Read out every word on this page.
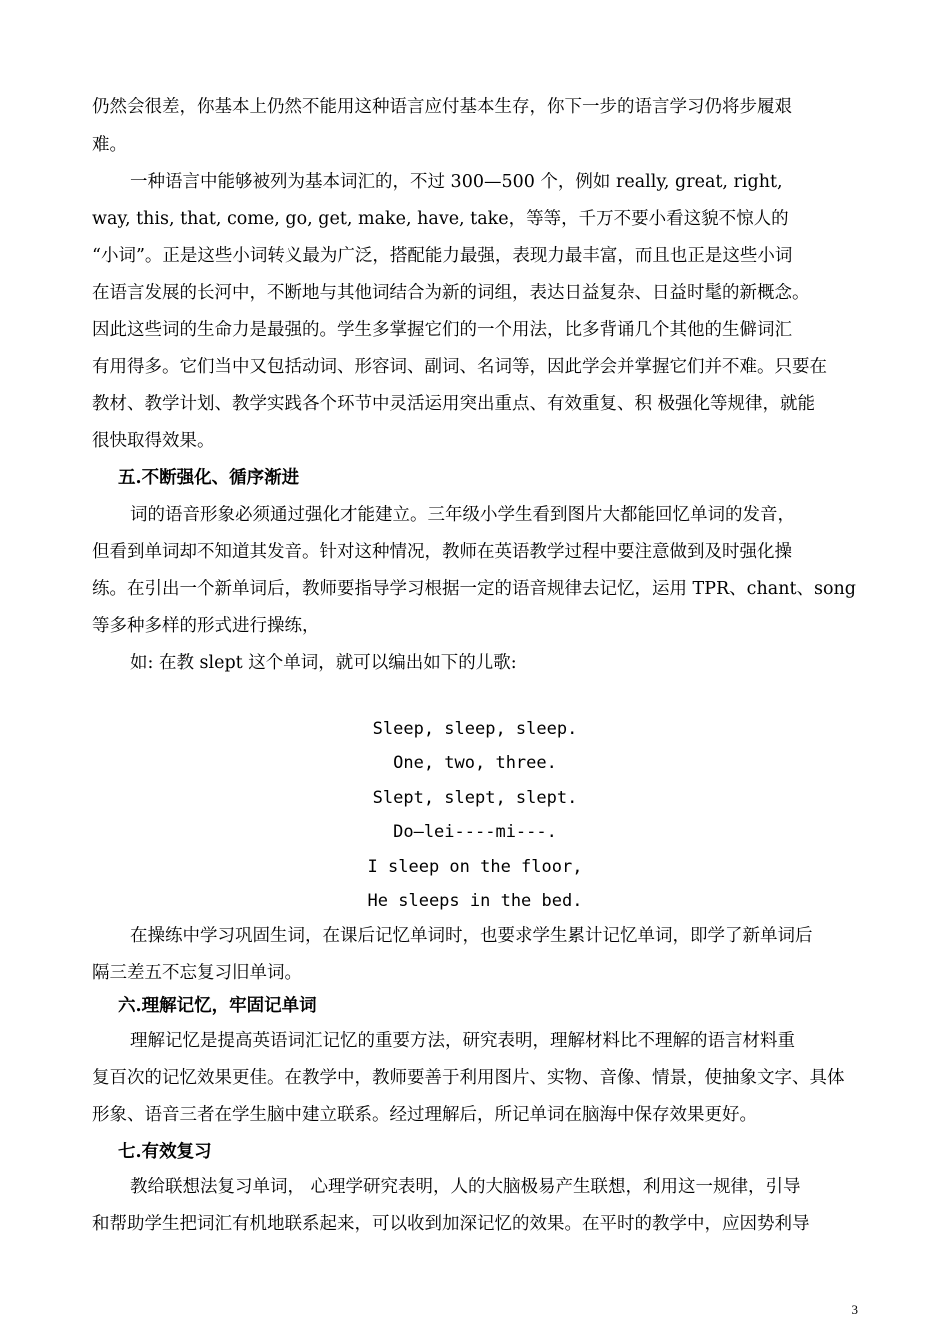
仍然会很差，你基本上仍然不能用这种语言应付基本生存，你下一步的语言学习仍将步履艰
难。
一种语言中能够被列为基本词汇的，不过 300—500 个，例如 really, great, right,
way, this, that, come, go, get, make, have, take，等等，千万不要小看这貌不惊人的
“小词”。正是这些小词转义最为广泛，搭配能力最强，表现力最丰富，而且也正是这些小词
在语言发展的长河中，不断地与其他词结合为新的词组，表达日益复杂、日益时髦的新概念。
因此这些词的生命力是最强的。学生多掌握它们的一个用法，比多背诵几个其他的生僻词汇
有用得多。它们当中又包括动词、形容词、副词、名词等，因此学会并掌握它们并不难。只要在
教材、教学计划、教学实践各个环节中灵活运用突出重点、有效重复、积 极强化等规律，就能
很快取得效果。
五.不断强化、循序渐进
词的语音形象必须通过强化才能建立。三年级小学生看到图片大都能回忆单词的发音，
但看到单词却不知道其发音。针对这种情况，教师在英语教学过程中要注意做到及时强化操
练。在引出一个新单词后，教师要指导学习根据一定的语音规律去记忆，运用 TPR、chant、song
等多种多样的形式进行操练，
如: 在教 slept 这个单词，就可以编出如下的儿歌:
Sleep, sleep, sleep.
One, two, three.
Slept, slept, slept.
Do—lei----mi---.
I sleep on the floor,
He sleeps in the bed.
在操练中学习巩固生词，在课后记忆单词时，也要求学生累计记忆单词，即学了新单词后
隔三差五不忘复习旧单词。
六.理解记忆，牢固记单词
理解记忆是提高英语词汇记忆的重要方法，研究表明，理解材料比不理解的语言材料重
复百次的记忆效果更佳。在教学中，教师要善于利用图片、实物、音像、情景，使抽象文字、具体
形象、语音三者在学生脑中建立联系。经过理解后，所记单词在脑海中保存效果更好。
七.有效复习
教给联想法复习单词， 心理学研究表明，人的大脑极易产生联想，利用这一规律，引导
和帮助学生把词汇有机地联系起来，可以收到加深记忆的效果。在平时的教学中，应因势利导
3
